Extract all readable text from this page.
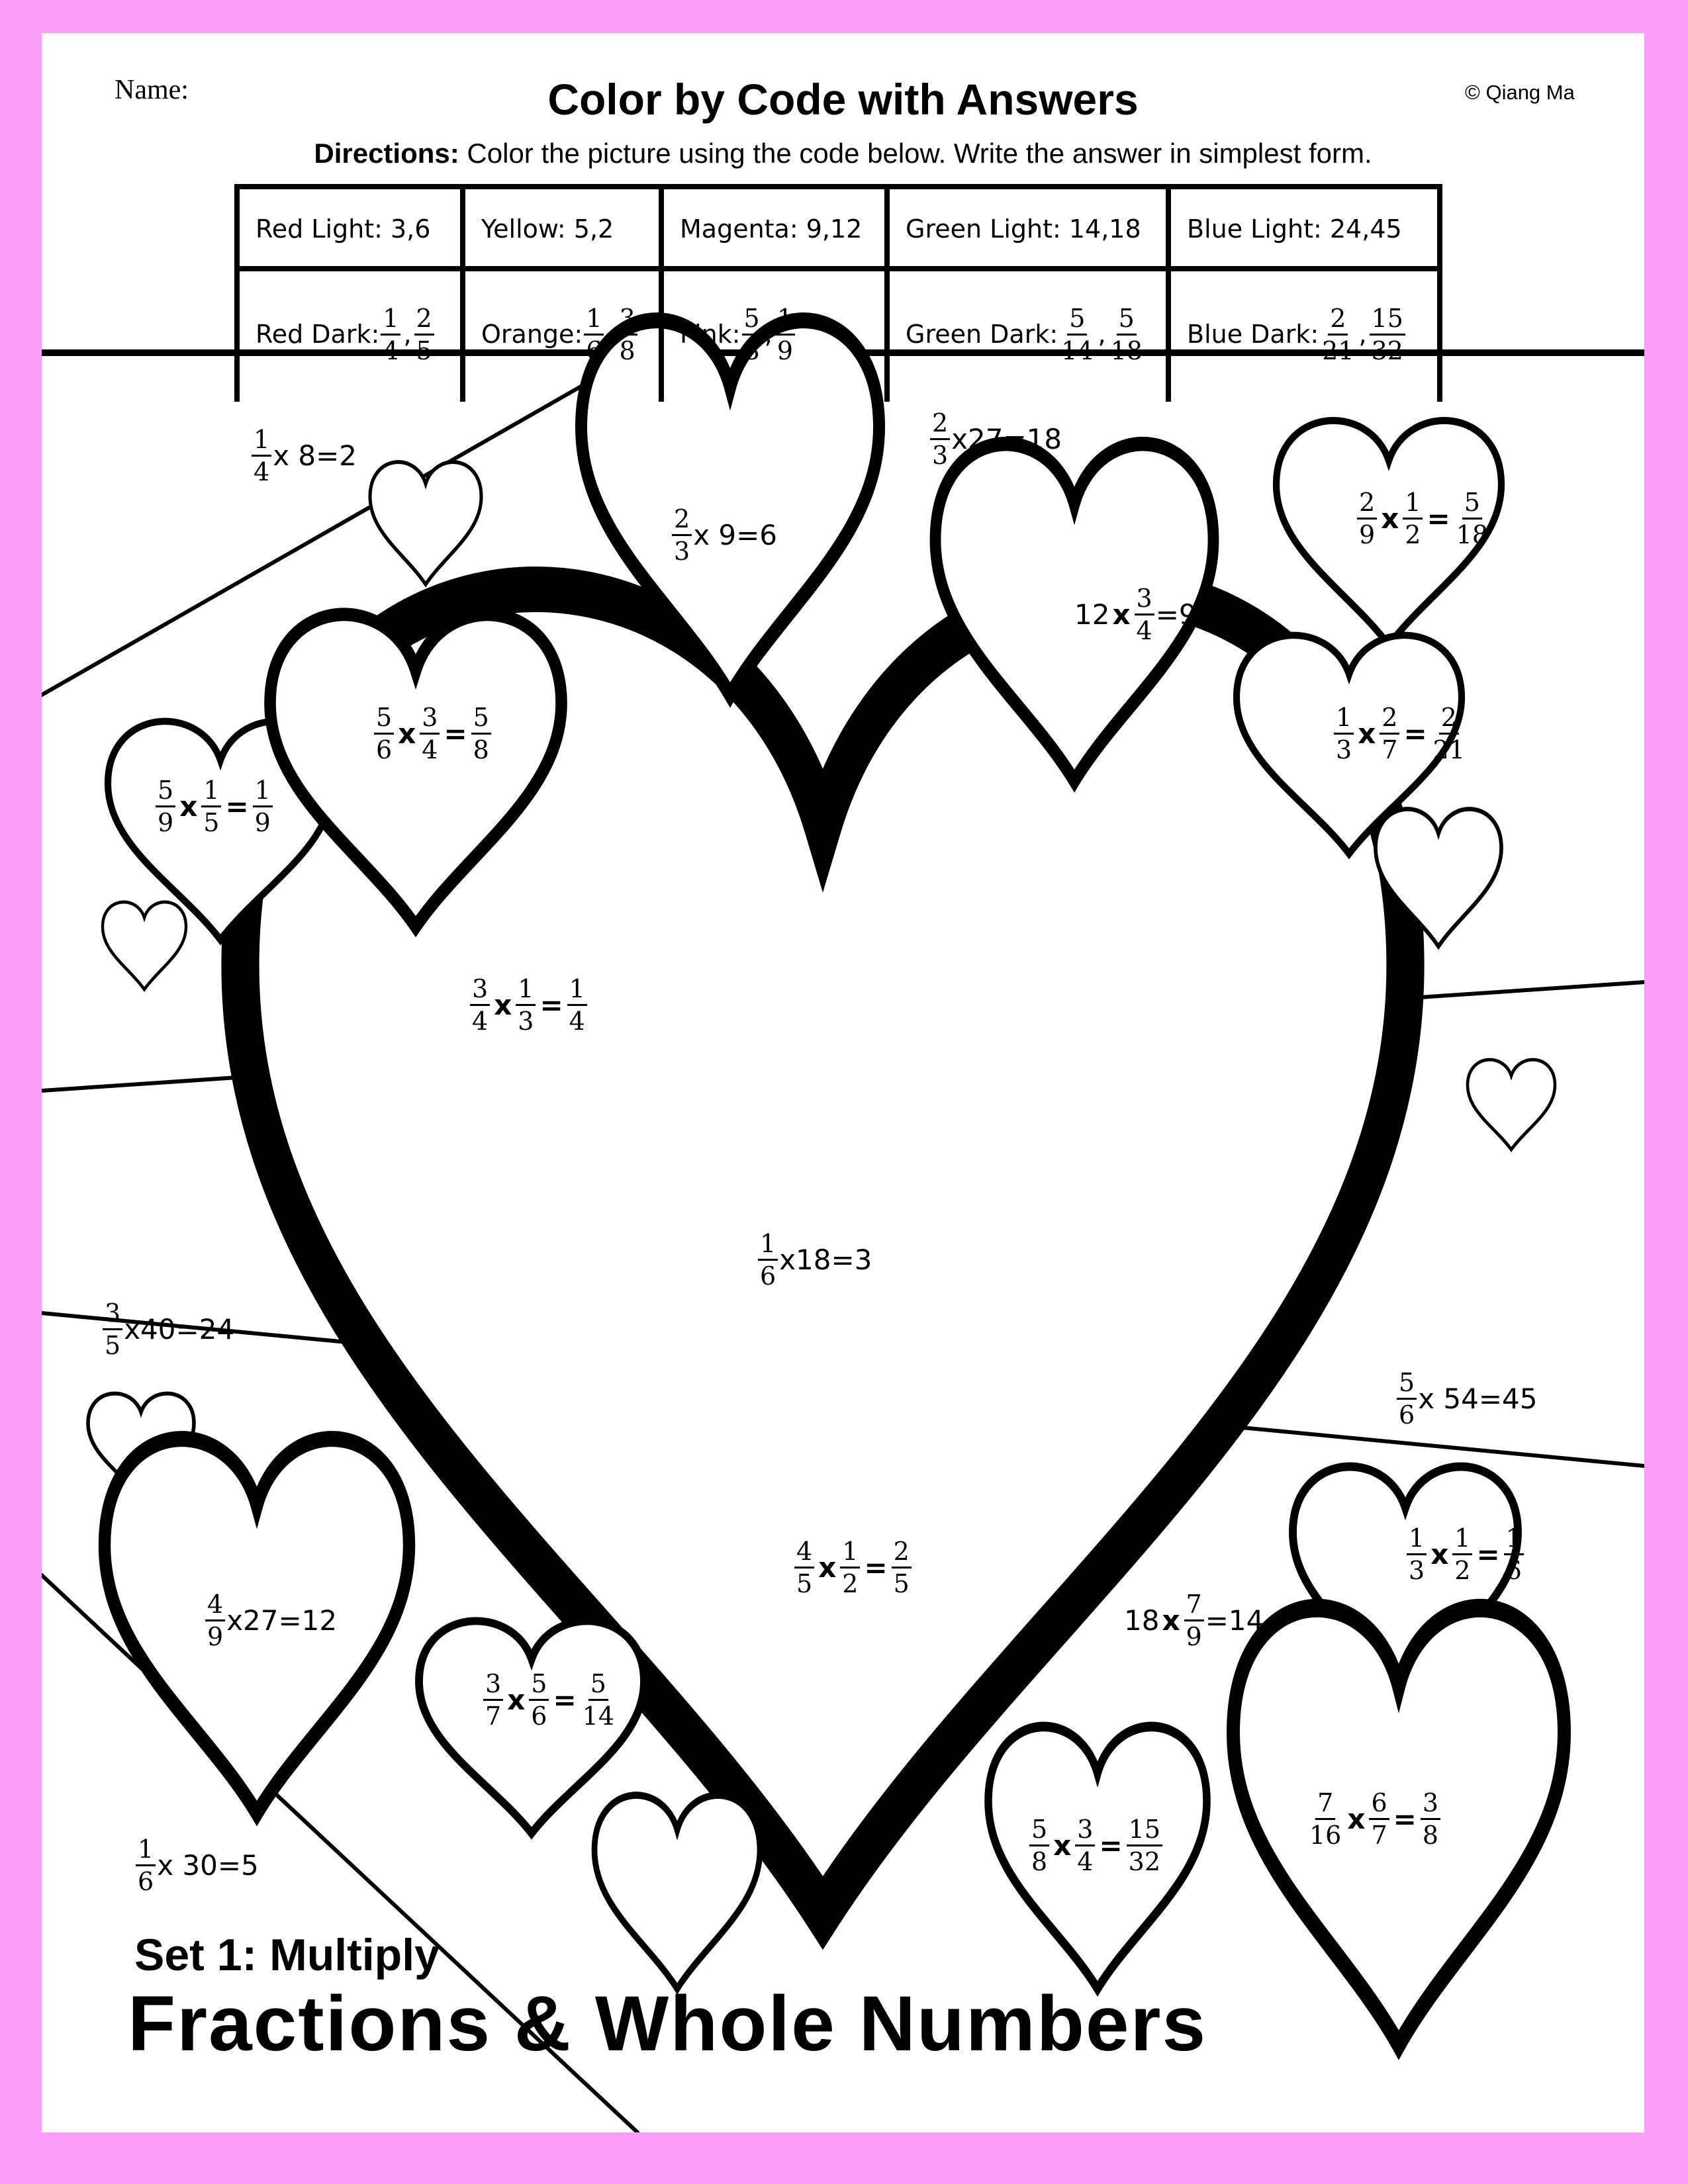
Name:	Color by Code with Answers	© Qiang Ma
Directions: Color the picture using the code below. Write the answer in simplest form.
Red Light: 3,6	Yellow: 5,2	Magenta: 9,12	Green Light: 14,18	Blue Light: 24,45
Red Dark: $\frac{1}{4}$ , $\frac{2}{5}$ Orange: $\frac{1}{6}$ , $\frac{3}{8}$ Pink: $\frac{5}{8}$ , $\frac{1}{9}$	Green Dark: $\frac{5}{14}$ , $\frac{5}{18}$ Blue Dark: $\frac{2}{21}$ , $\frac{15}{32}$
$\frac{1}{4}$ x 8=2
$\frac{2}{3}$ x 9=6
$\frac{2}{3} x27=18$
$\frac{2}{9}$ x $\frac{1}{2} = \frac{5}{18}$
12 x $\frac{3}{4} =9$
$\frac{1}{3}$ x $\frac{2}{7} = \frac{2}{21}$
$\frac{5}{6}$ x $\frac{3}{4} = \frac{5}{8}$
$\frac{5}{9}$ x $\frac{1}{5} = \frac{1}{9}$
$\frac{3}{4}$ x $\frac{1}{3} = \frac{1}{4}$
$\frac{1}{6} x18=3$
$\frac{3}{5} x40=24$
$\frac{5}{6}$ x 54=45
$\frac{1}{3}$ x $\frac{1}{2} = \frac{1}{6}$
$\frac{4}{5}$ x $\frac{1}{2} = \frac{2}{5}$
$\frac{4}{9} x27=12$
$\frac{3}{7}$ x $\frac{5}{6} = \frac{5}{14}$
18 x $\frac{7}{9} =14$
$\frac{7}{16}$ x $\frac{6}{7} = \frac{3}{8}$
$\frac{5}{8}$ x $\frac{3}{4} = \frac{15}{32}$
$\frac{1}{6}$ x 30=5
Set 1: Multiply
Fractions & Whole Numbers
